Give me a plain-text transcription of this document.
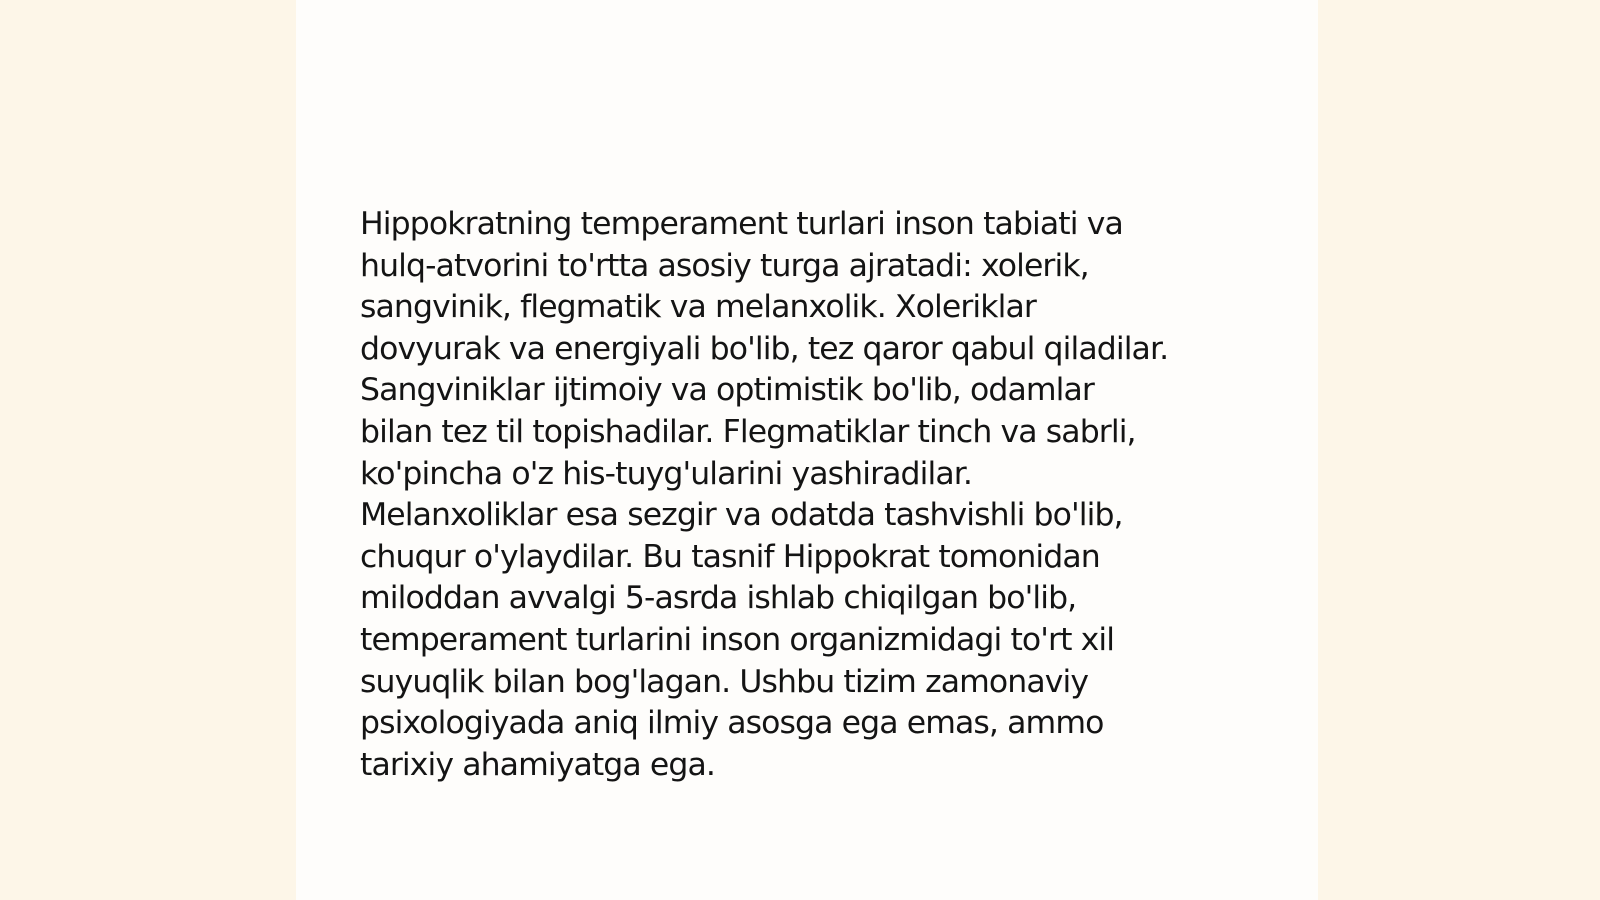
Hippokratning temperament turlari inson tabiati va
hulq-atvorini to'rtta asosiy turga ajratadi: xolerik,
sangvinik, flegmatik va melanxolik. Xoleriklar
dovyurak va energiyali bo'lib, tez qaror qabul qiladilar.
Sangviniklar ijtimoiy va optimistik bo'lib, odamlar
bilan tez til topishadilar. Flegmatiklar tinch va sabrli,
ko'pincha o'z his-tuyg'ularini yashiradilar.
Melanxoliklar esa sezgir va odatda tashvishli bo'lib,
chuqur o'ylaydilar. Bu tasnif Hippokrat tomonidan
miloddan avvalgi 5-asrda ishlab chiqilgan bo'lib,
temperament turlarini inson organizmidagi to'rt xil
suyuqlik bilan bog'lagan. Ushbu tizim zamonaviy
psixologiyada aniq ilmiy asosga ega emas, ammo
tarixiy ahamiyatga ega.
